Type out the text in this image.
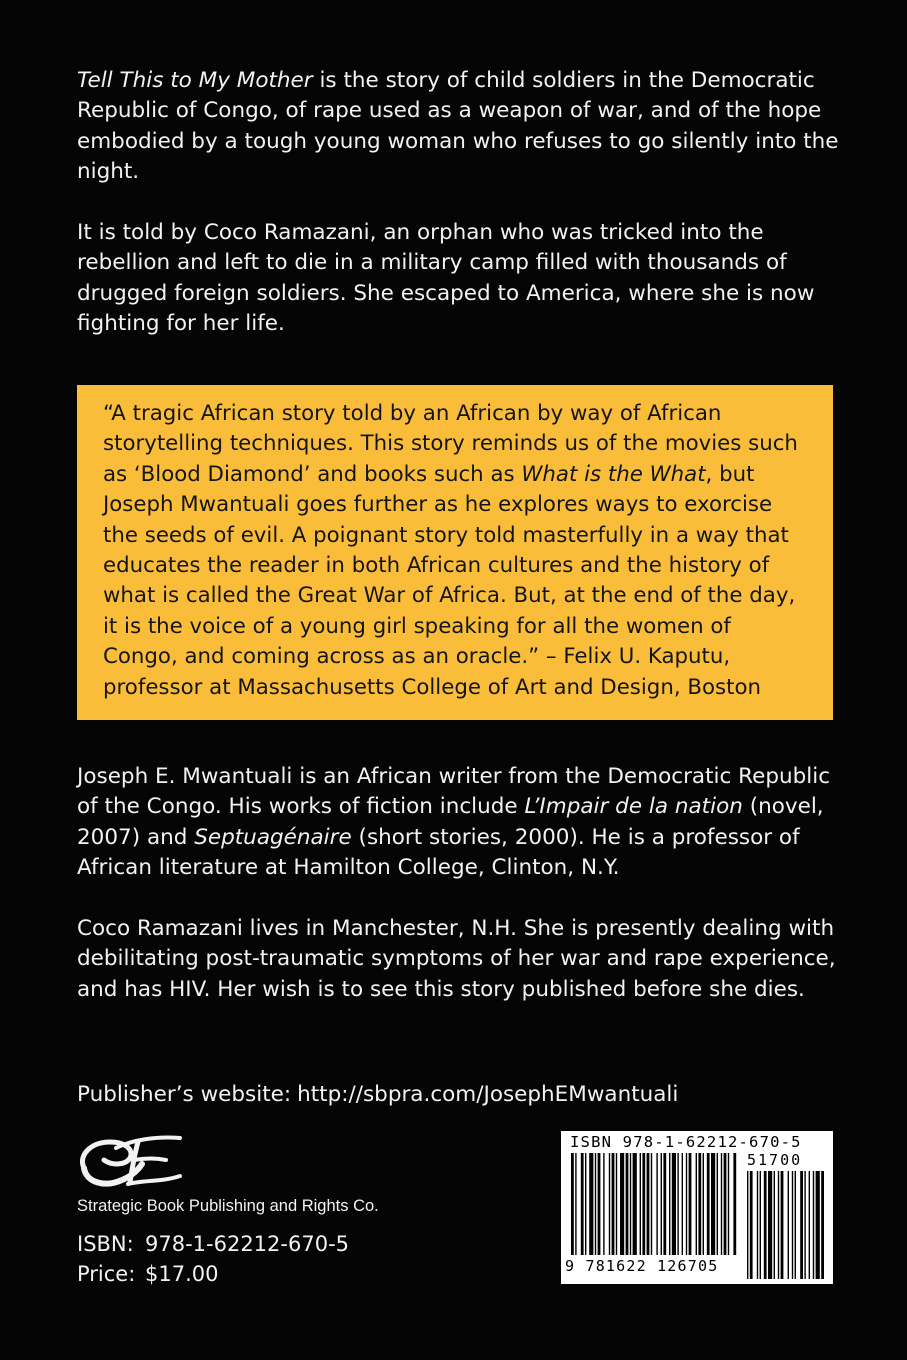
Tell This to My Mother is the story of child soldiers in the Democratic Republic of Congo, of rape used as a weapon of war, and of the hope embodied by a tough young woman who refuses to go silently into the night.

It is told by Coco Ramazani, an orphan who was tricked into the rebellion and left to die in a military camp filled with thousands of drugged foreign soldiers. She escaped to America, where she is now fighting for her life.

“A tragic African story told by an African by way of African storytelling techniques. This story reminds us of the movies such as ‘Blood Diamond’ and books such as What is the What, but Joseph Mwantuali goes further as he explores ways to exorcise the seeds of evil. A poignant story told masterfully in a way that educates the reader in both African cultures and the history of what is called the Great War of Africa. But, at the end of the day, it is the voice of a young girl speaking for all the women of Congo, and coming across as an oracle.” – Felix U. Kaputu, professor at Massachusetts College of Art and Design, Boston

Joseph E. Mwantuali is an African writer from the Democratic Republic of the Congo. His works of fiction include L’Impair de la nation (novel, 2007) and Septuagénaire (short stories, 2000). He is a professor of African literature at Hamilton College, Clinton, N.Y.

Coco Ramazani lives in Manchester, N.H. She is presently dealing with debilitating post-traumatic symptoms of her war and rape experience, and has HIV. Her wish is to see this story published before she dies.

Publisher’s website: http://sbpra.com/JosephEMwantuali
Strategic Book Publishing and Rights Co.
ISBN: 978-1-62212-670-5
Price: $17.00
ISBN 978-1-62212-670-5
51700
9 781622 126705
